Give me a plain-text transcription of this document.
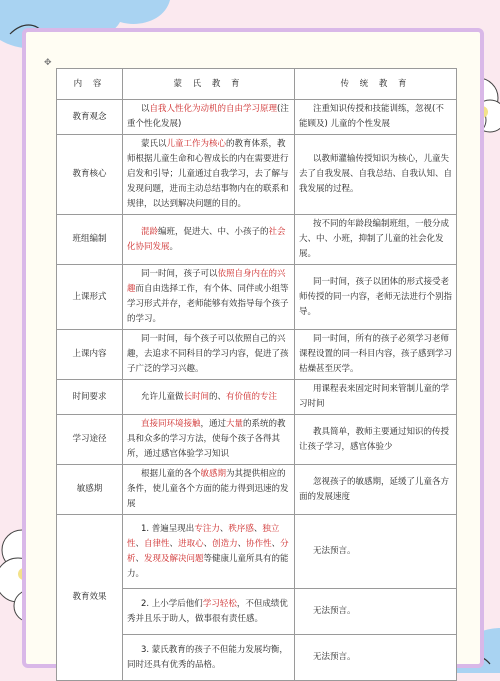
✥
内 容	蒙 氏 教 育	传 统 教 育
教育观念	以自我人性化为动机的自由学习原理(注重个性化发展)	注重知识传授和技能训练，忽视(不能顾及) 儿童的个性发展
教育核心	蒙氏以儿童工作为核心的教育体系，教师根据儿童生命和心智成长的内在需要进行启发和引导；儿童通过自我学习，去了解与发现问题，进而主动总结事物内在的联系和规律，以达到解决问题的目的。	以教师灌输传授知识为核心，儿童失去了自我发展、自我总结、自我认知、自我发展的过程。
班组编制	混龄编班，促进大、中、小孩子的社会化协同发展。	按不同的年龄段编制班组，一般分成大、中、小班，抑制了儿童的社会化发展。
上课形式	同一时间，孩子可以依照自身内在的兴趣而自由选择工作，有个体、同伴或小组等学习形式并存，老师能够有效指导每个孩子的学习。	同一时间，孩子以团体的形式接受老师传授的同一内容，老师无法进行个别指导。
上课内容	同一时间，每个孩子可以依照自己的兴趣，去追求不同科目的学习内容，促进了孩子广泛的学习兴趣。	同一时间，所有的孩子必须学习老师课程设置的同一科目内容，孩子感到学习枯燥甚至厌学。
时间要求	允许儿童做长时间的、有价值的专注	用课程表来固定时间来管制儿童的学习时间
学习途径	直接同环境接触，通过大量的系统的教具和众多的学习方法，使每个孩子各得其所，通过感官体验学习知识	教具简单，教师主要通过知识的传授让孩子学习，感官体验少
敏感期	根据儿童的各个敏感期为其提供相应的条件，使儿童各个方面的能力得到迅速的发展	忽视孩子的敏感期，延缓了儿童各方面的发展速度
教育效果	1. 普遍呈现出专注力、秩序感、独立性、自律性、进取心、创造力、协作性、分析、发现及解决问题等健康儿童所具有的能力。	无法预言。
	2. 上小学后他们学习轻松，不但成绩优秀并且乐于助人，做事很有责任感。	无法预言。
	3. 蒙氏教育的孩子不但能力发展均衡，同时还具有优秀的品格。	无法预言。
